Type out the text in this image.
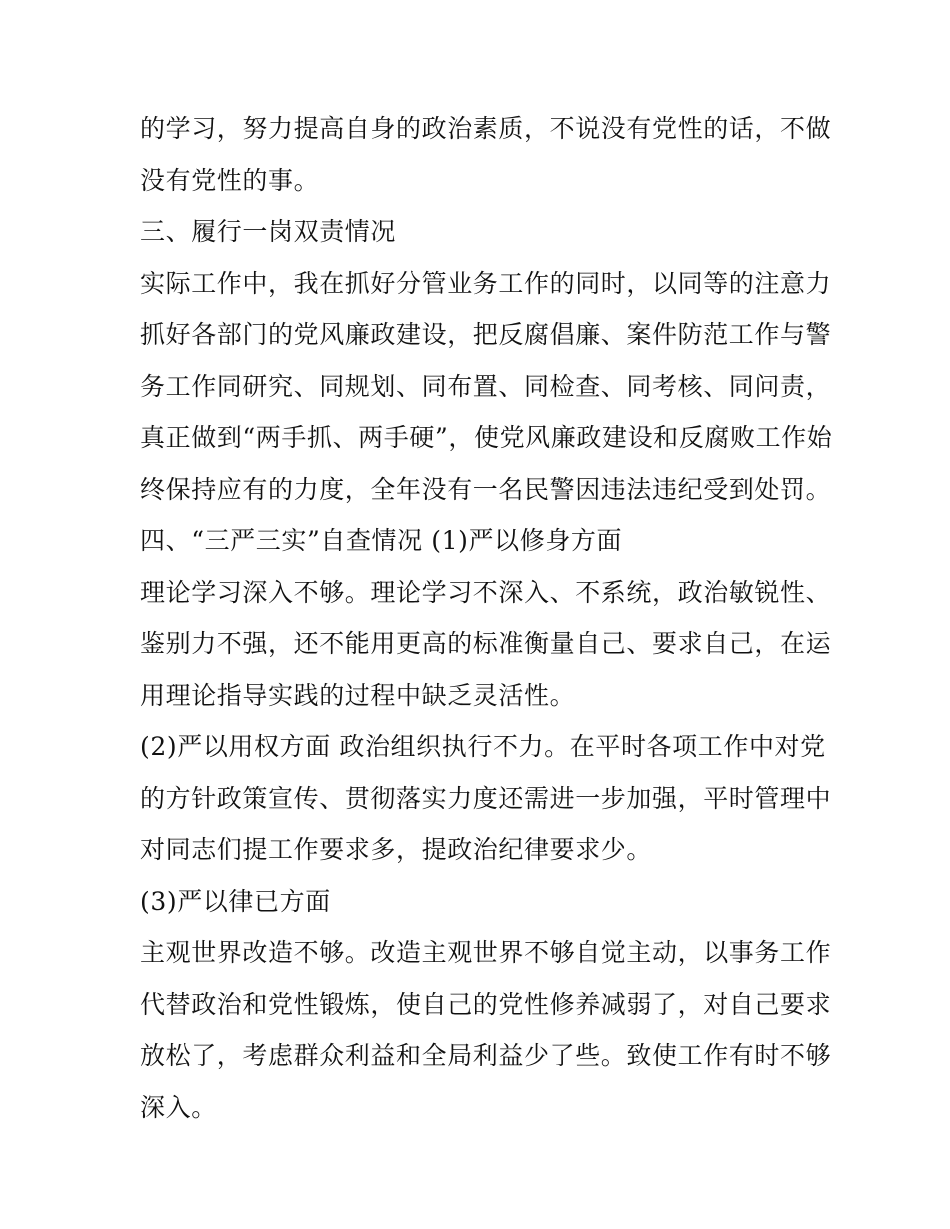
的学习，努力提高自身的政治素质，不说没有党性的话，不做
没有党性的事。
三、履行一岗双责情况
实际工作中，我在抓好分管业务工作的同时，以同等的注意力
抓好各部门的党风廉政建设，把反腐倡廉、案件防范工作与警
务工作同研究、同规划、同布置、同检查、同考核、同问责，
真正做到“两手抓、两手硬”，使党风廉政建设和反腐败工作始
终保持应有的力度，全年没有一名民警因违法违纪受到处罚。
四、“三严三实”自查情况 (1)严以修身方面
理论学习深入不够。理论学习不深入、不系统，政治敏锐性、
鉴别力不强，还不能用更高的标准衡量自己、要求自己，在运
用理论指导实践的过程中缺乏灵活性。
(2)严以用权方面 政治组织执行不力。在平时各项工作中对党
的方针政策宣传、贯彻落实力度还需进一步加强，平时管理中
对同志们提工作要求多，提政治纪律要求少。
(3)严以律已方面
主观世界改造不够。改造主观世界不够自觉主动，以事务工作
代替政治和党性锻炼，使自己的党性修养减弱了，对自己要求
放松了，考虑群众利益和全局利益少了些。致使工作有时不够
深入。
